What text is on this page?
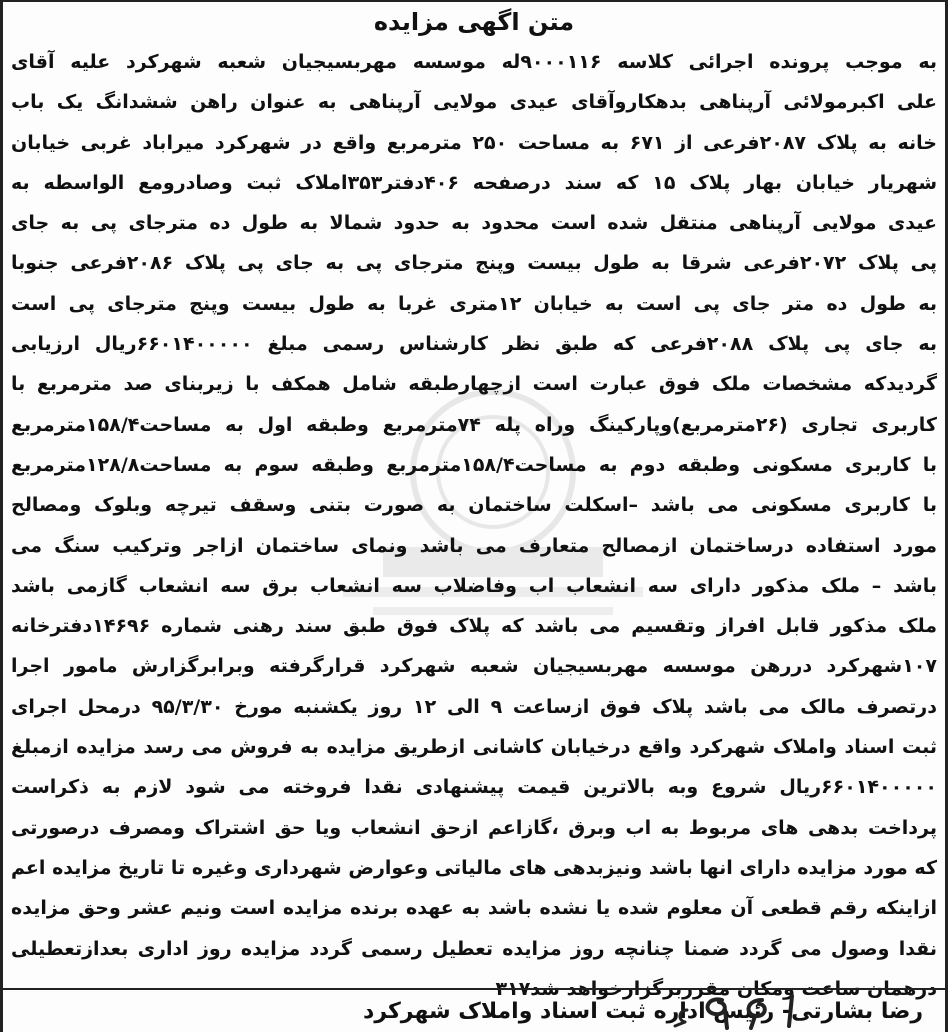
متن اگهی مزایده
به موجب پرونده اجرائی کلاسه ۹۰۰۰۱۱۶له موسسه مهربسیجیان شعبه شهرکرد علیه آقای
علی اکبرمولائی آرپناهی بدهکاروآقای عیدی مولایی آرپناهی به عنوان راهن ششدانگ یک باب
خانه به پلاک ۲۰۸۷فرعی از ۶۷۱ به مساحت ۲۵۰ مترمربع واقع در شهرکرد میراباد غربی خیابان
شهریار خیابان بهار پلاک ۱۵ که سند درصفحه ۴۰۶دفتر۳۵۳املاک ثبت وصادرومع الواسطه به
عیدی مولایی آرپناهی منتقل شده است محدود به حدود شمالا به طول ده مترجای پی به جای
پی پلاک ۲۰۷۲فرعی شرقا به طول بیست وپنج مترجای پی به جای پی پلاک ۲۰۸۶فرعی جنوبا
به طول ده متر جای پی است به خیابان ۱۲متری غربا به طول بیست وپنج مترجای پی است
به جای پی پلاک ۲۰۸۸فرعی که طبق نظر کارشناس رسمی مبلغ ۶۶۰۱۴۰۰۰۰۰ریال ارزیابی
گردیدکه مشخصات ملک فوق عبارت است ازچهارطبقه شامل همکف با زیربنای صد مترمربع با
کاربری تجاری (۲۶مترمربع)وپارکینگ وراه پله ۷۴مترمربع وطبقه اول به مساحت۱۵۸/۴مترمربع
با کاربری مسکونی وطبقه دوم به مساحت۱۵۸/۴مترمربع وطبقه سوم به مساحت۱۲۸/۸مترمربع
با کاربری مسکونی می باشد –اسکلت ساختمان به صورت بتنی وسقف تیرچه وبلوک ومصالح
مورد استفاده درساختمان ازمصالح متعارف می باشد ونمای ساختمان ازاجر وترکیب سنگ می
باشد – ملک مذکور دارای سه انشعاب اب وفاضلاب سه انشعاب برق سه انشعاب گازمی باشد
ملک مذکور قابل افراز وتقسیم می باشد که پلاک فوق طبق سند رهنی شماره ۱۴۶۹۶دفترخانه
۱۰۷شهرکرد دررهن موسسه مهربسیجیان شعبه شهرکرد قرارگرفته وبرابرگزارش مامور اجرا
درتصرف مالک می باشد پلاک فوق ازساعت ۹ الی ۱۲ روز یکشنبه مورخ ۹۵/۳/۳۰ درمحل اجرای
ثبت اسناد واملاک شهرکرد واقع درخیابان کاشانی ازطریق مزایده به فروش می رسد مزایده ازمبلغ
۶۶۰۱۴۰۰۰۰۰ریال شروع وبه بالاترین قیمت پیشنهادی نقدا فروخته می شود لازم به ذکراست
پرداخت بدهی های مربوط به اب وبرق ،گازاعم ازحق انشعاب ویا حق اشتراک ومصرف درصورتی
که مورد مزایده دارای انها باشد ونیزبدهی های مالیاتی وعوارض شهرداری وغیره تا تاریخ مزایده اعم
ازاینکه رقم قطعی آن معلوم شده یا نشده باشد به عهده برنده مزایده است ونیم عشر وحق مزایده
نقدا وصول می گردد ضمنا چنانچه روز مزایده تعطیل رسمی گردد مزایده روز اداری بعدازتعطیلی
درهمان ساعت ومکان مقرربرگزارخواهد شد۳۱۷
رضا بشارتی- رئیس اداره ثبت اسناد واملاک شهرکرد
